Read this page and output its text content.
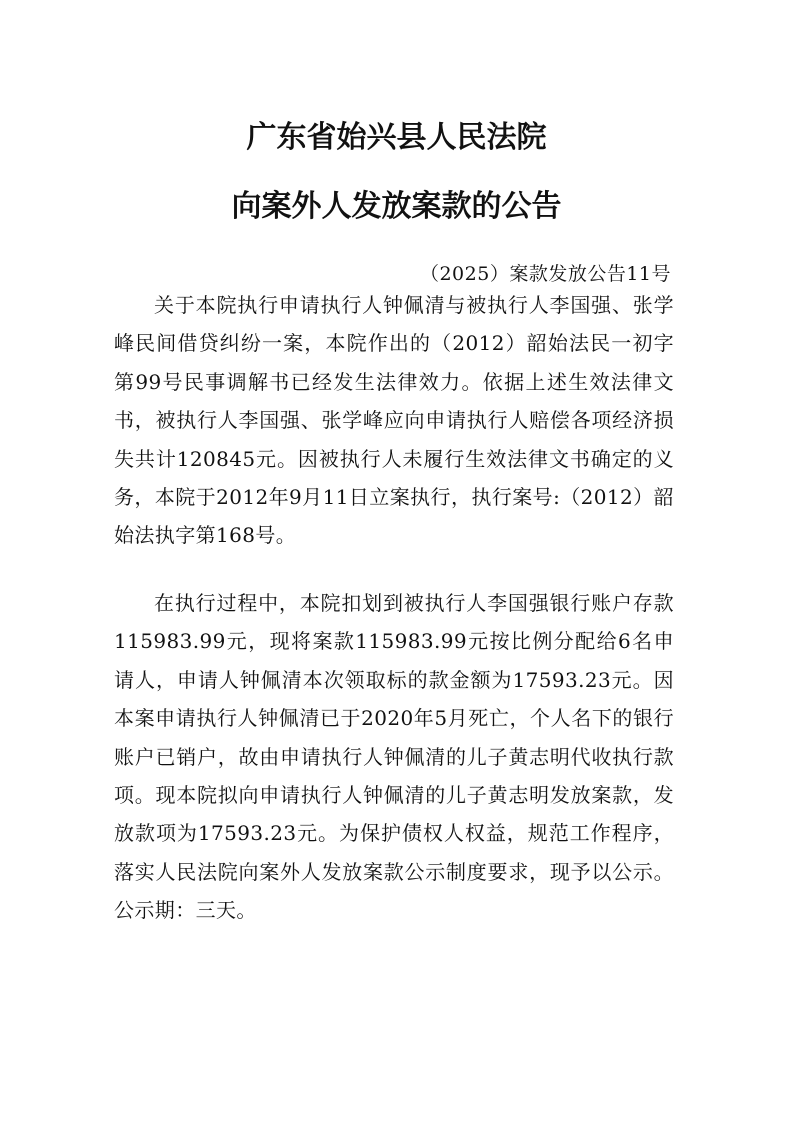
广东省始兴县人民法院
向案外人发放案款的公告
（2025）案款发放公告11号

关于本院执行申请执行人钟佩清与被执行人李国强、张学峰民间借贷纠纷一案，本院作出的（2012）韶始法民一初字第99号民事调解书已经发生法律效力。依据上述生效法律文书，被执行人李国强、张学峰应向申请执行人赔偿各项经济损失共计120845元。因被执行人未履行生效法律文书确定的义务，本院于2012年9月11日立案执行，执行案号:（2012）韶始法执字第168号。

在执行过程中，本院扣划到被执行人李国强银行账户存款115983.99元，现将案款115983.99元按比例分配给6名申请人，申请人钟佩清本次领取标的款金额为17593.23元。因本案申请执行人钟佩清已于2020年5月死亡，个人名下的银行账户已销户，故由申请执行人钟佩清的儿子黄志明代收执行款项。现本院拟向申请执行人钟佩清的儿子黄志明发放案款，发放款项为17593.23元。为保护债权人权益，规范工作程序，落实人民法院向案外人发放案款公示制度要求，现予以公示。公示期：三天。
